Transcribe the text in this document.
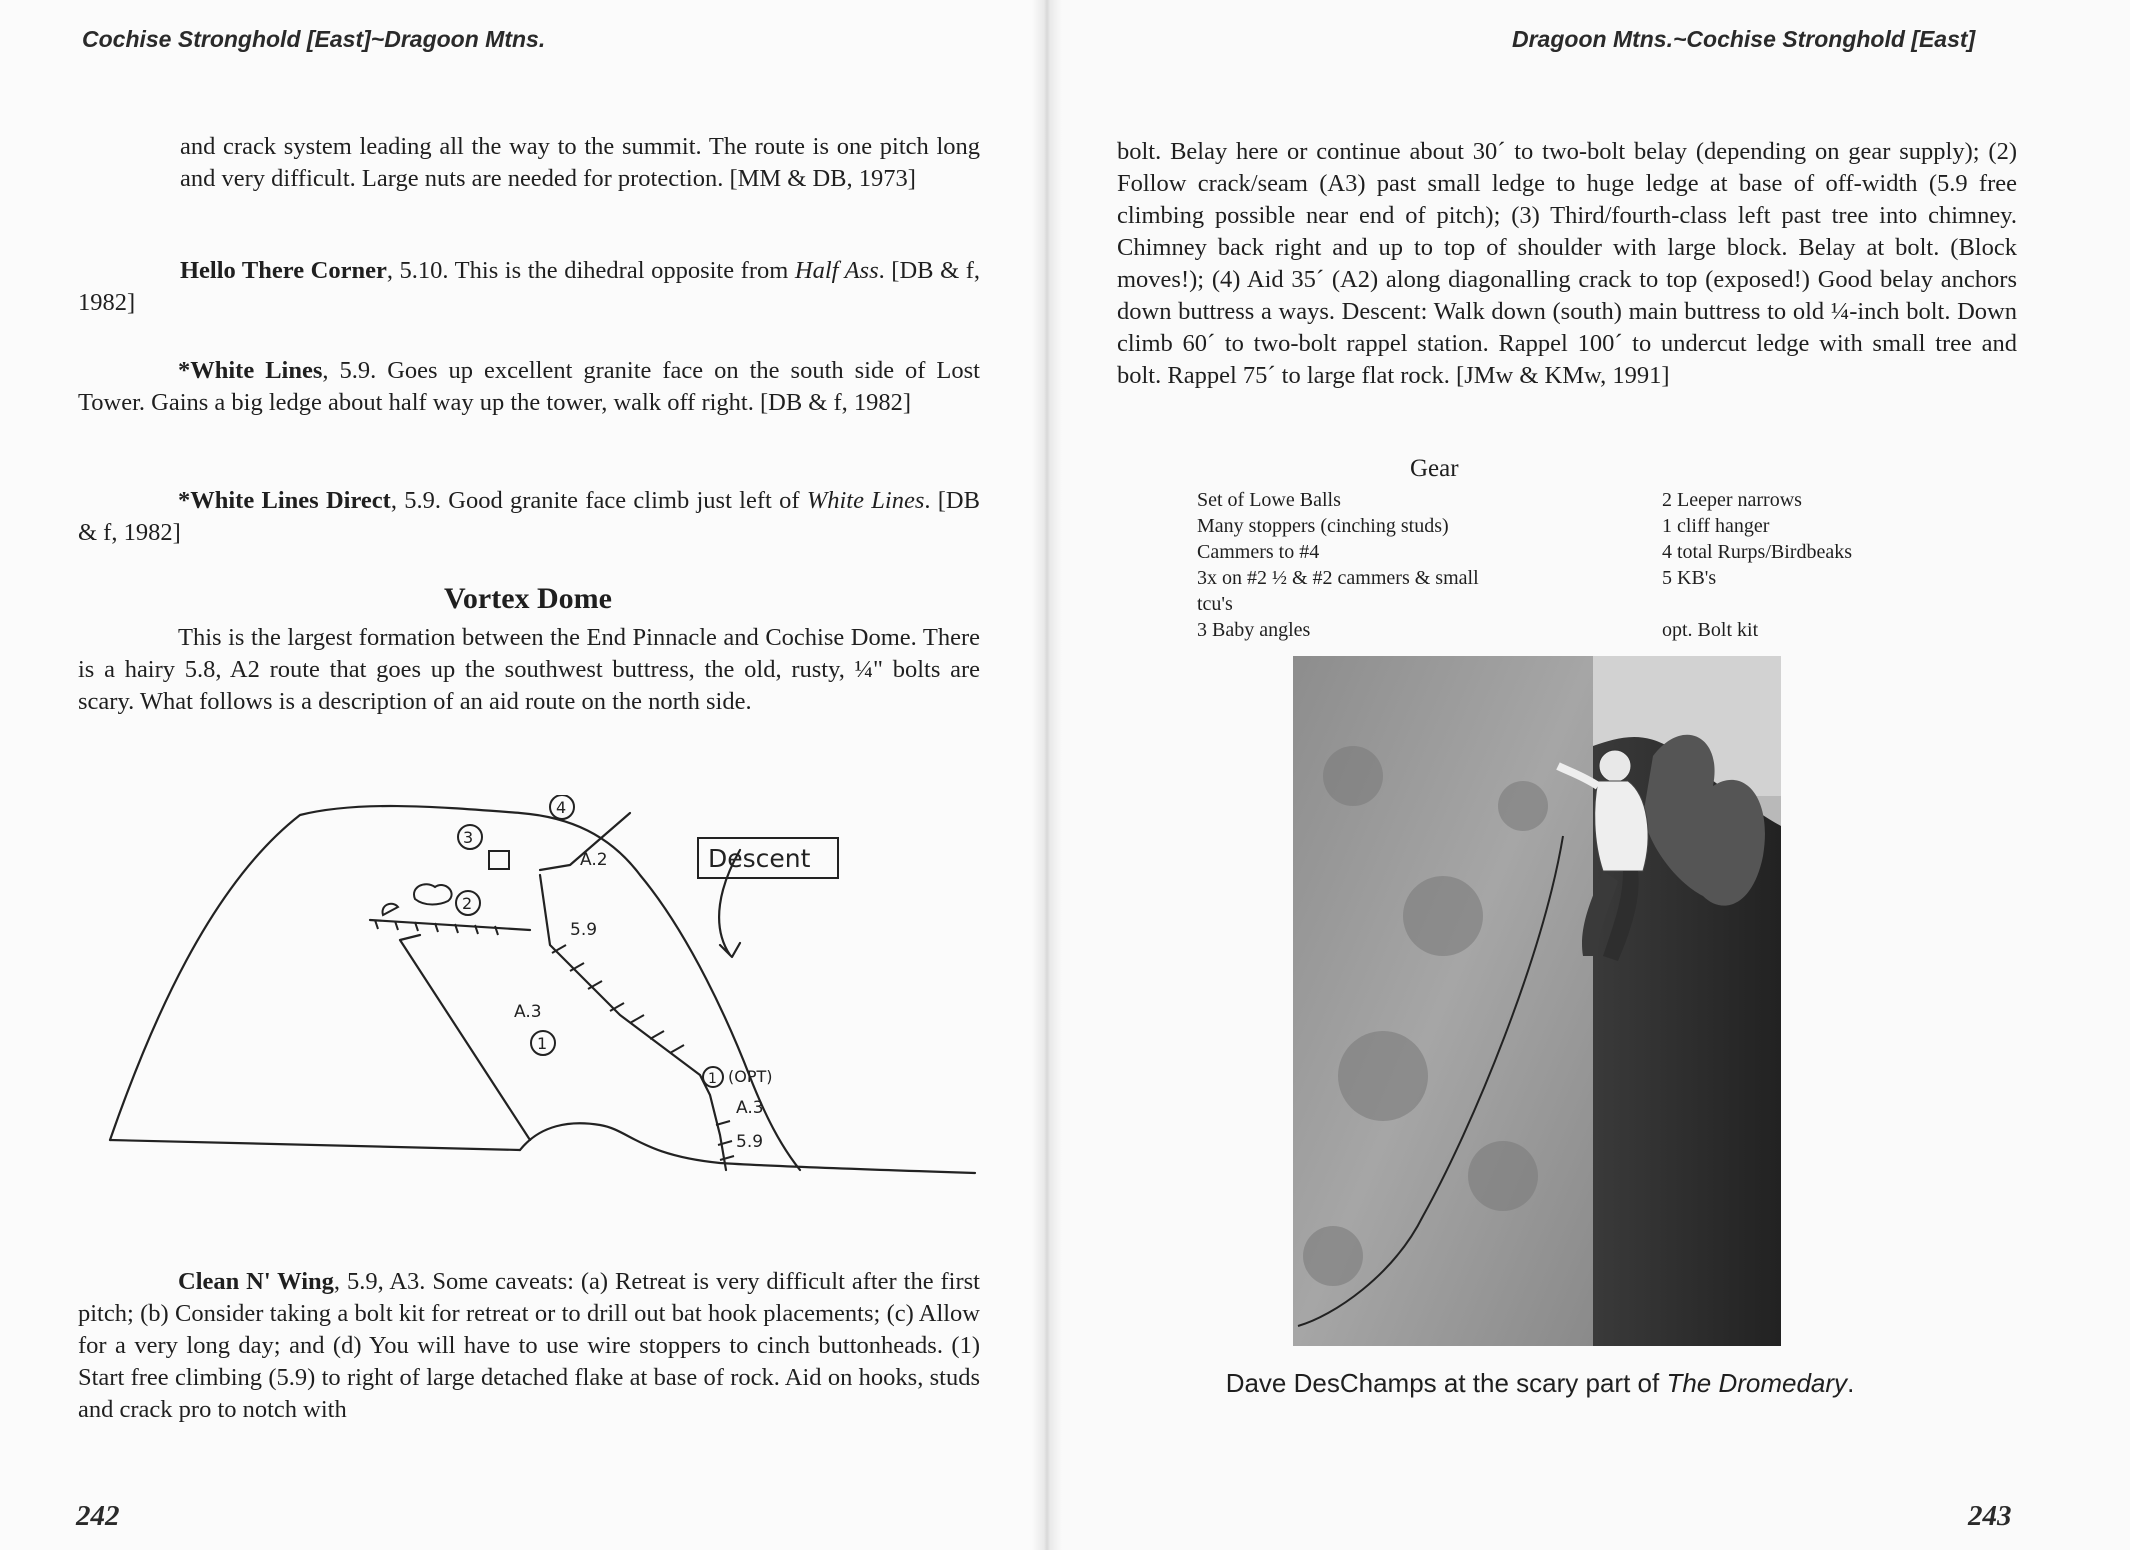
Cochise Stronghold [East]~Dragoon Mtns.

and crack system leading all the way to the summit. The route is one pitch long and very difficult. Large nuts are needed for protection. [MM & DB, 1973]

Hello There Corner, 5.10. This is the dihedral opposite from Half Ass. [DB & f, 1982]

*White Lines, 5.9. Goes up excellent granite face on the south side of Lost Tower. Gains a big ledge about half way up the tower, walk off right. [DB & f, 1982]

*White Lines Direct, 5.9. Good granite face climb just left of White Lines. [DB & f, 1982]

Vortex Dome

This is the largest formation between the End Pinnacle and Cochise Dome. There is a hairy 5.8, A2 route that goes up the southwest buttress, the old, rusty, ¼" bolts are scary. What follows is a description of an aid route on the north side.

3
4
2
1
1 (OPT)
A.2
5.9
A.3
A.3
5.9
Descent

Clean N' Wing, 5.9, A3. Some caveats: (a) Retreat is very difficult after the first pitch; (b) Consider taking a bolt kit for retreat or to drill out bat hook placements; (c) Allow for a very long day; and (d) You will have to use wire stoppers to cinch buttonheads. (1) Start free climbing (5.9) to right of large detached flake at base of rock. Aid on hooks, studs and crack pro to notch with

242
Dragoon Mtns.~Cochise Stronghold [East]

bolt. Belay here or continue about 30´ to two-bolt belay (depending on gear supply); (2) Follow crack/seam (A3) past small ledge to huge ledge at base of off-width (5.9 free climbing possible near end of pitch); (3) Third/fourth-class left past tree into chimney. Chimney back right and up to top of shoulder with large block. Belay at bolt. (Block moves!); (4) Aid 35´ (A2) along diagonalling crack to top (exposed!) Good belay anchors down buttress a ways. Descent: Walk down (south) main buttress to old ¼-inch bolt. Down climb 60´ to two-bolt rappel station. Rappel 100´ to undercut ledge with small tree and bolt. Rappel 75´ to large flat rock. [JMw & KMw, 1991]

Gear
Set of Lowe Balls
Many stoppers (cinching studs)
Cammers to #4
3x on #2 ½ & #2 cammers & small
tcu's
3 Baby angles
2 Leeper narrows
1 cliff hanger
4 total Rurps/Birdbeaks
5 KB's
opt. Bolt kit
Dave DesChamps at the scary part of The Dromedary.
243
